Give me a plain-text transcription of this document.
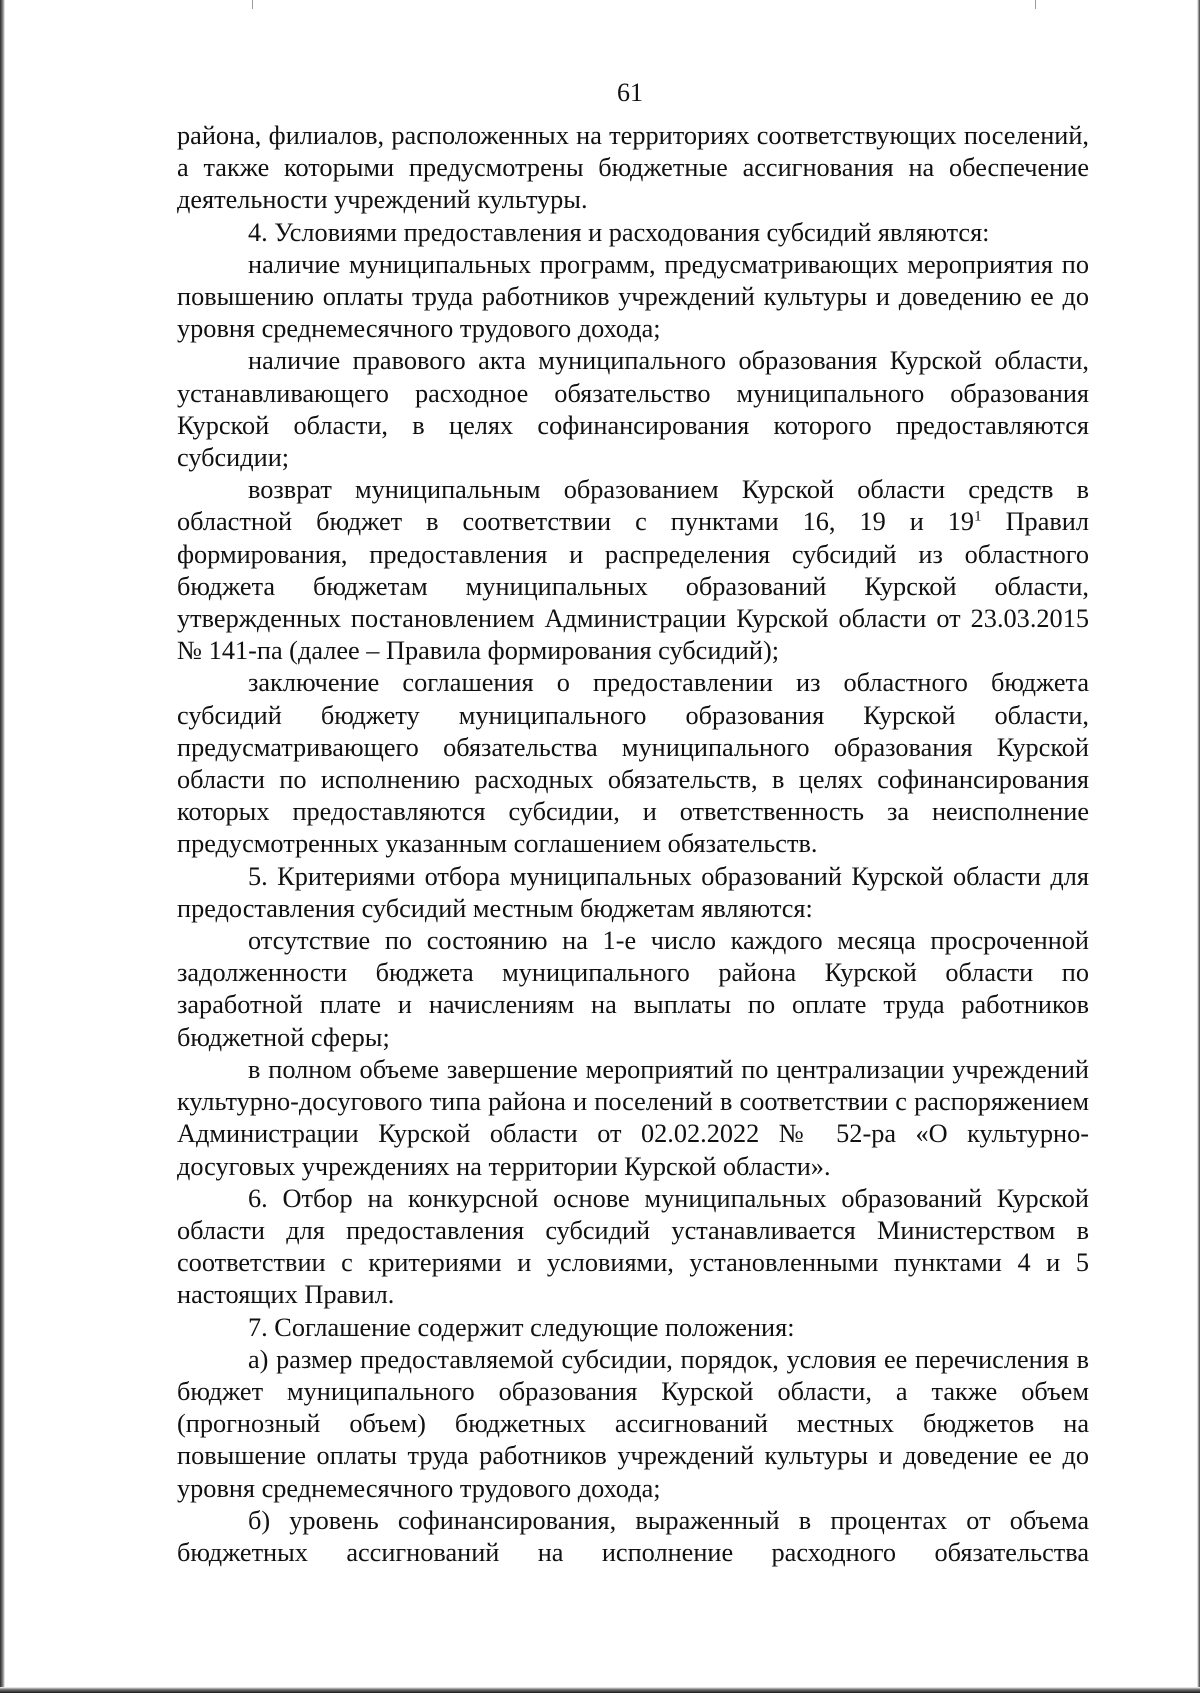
61

района, филиалов, расположенных на территориях соответствующих поселений, а также которыми предусмотрены бюджетные ассигнования на обеспечение деятельности учреждений культуры.

4. Условиями предоставления и расходования субсидий являются:

наличие муниципальных программ, предусматривающих мероприятия по повышению оплаты труда работников учреждений культуры и доведению ее до уровня среднемесячного трудового дохода;

наличие правового акта муниципального образования Курской области, устанавливающего расходное обязательство муниципального образования Курской области, в целях софинансирования которого предоставляются субсидии;

возврат муниципальным образованием Курской области средств в областной бюджет в соответствии с пунктами 16, 19 и $19^1$ Правил формирования, предоставления и распределения субсидий из областного бюджета бюджетам муниципальных образований Курской области, утвержденных постановлением Администрации Курской области от 23.03.2015 № 141-па (далее – Правила формирования субсидий);

заключение соглашения о предоставлении из областного бюджета субсидий бюджету муниципального образования Курской области, предусматривающего обязательства муниципального образования Курской области по исполнению расходных обязательств, в целях софинансирования которых предоставляются субсидии, и ответственность за неисполнение предусмотренных указанным соглашением обязательств.

5. Критериями отбора муниципальных образований Курской области для предоставления субсидий местным бюджетам являются:

отсутствие по состоянию на 1-е число каждого месяца просроченной задолженности бюджета муниципального района Курской области по заработной плате и начислениям на выплаты по оплате труда работников бюджетной сферы;

в полном объеме завершение мероприятий по централизации учреждений культурно-досугового типа района и поселений в соответствии с распоряжением Администрации Курской области от 02.02.2022 № 52-ра «О культурно-досуговых учреждениях на территории Курской области».

6. Отбор на конкурсной основе муниципальных образований Курской области для предоставления субсидий устанавливается Министерством в соответствии с критериями и условиями, установленными пунктами 4 и 5 настоящих Правил.

7. Соглашение содержит следующие положения:

а) размер предоставляемой субсидии, порядок, условия ее перечисления в бюджет муниципального образования Курской области, а также объем (прогнозный объем) бюджетных ассигнований местных бюджетов на повышение оплаты труда работников учреждений культуры и доведение ее до уровня среднемесячного трудового дохода;

б) уровень софинансирования, выраженный в процентах от объема бюджетных ассигнований на исполнение расходного обязательства
